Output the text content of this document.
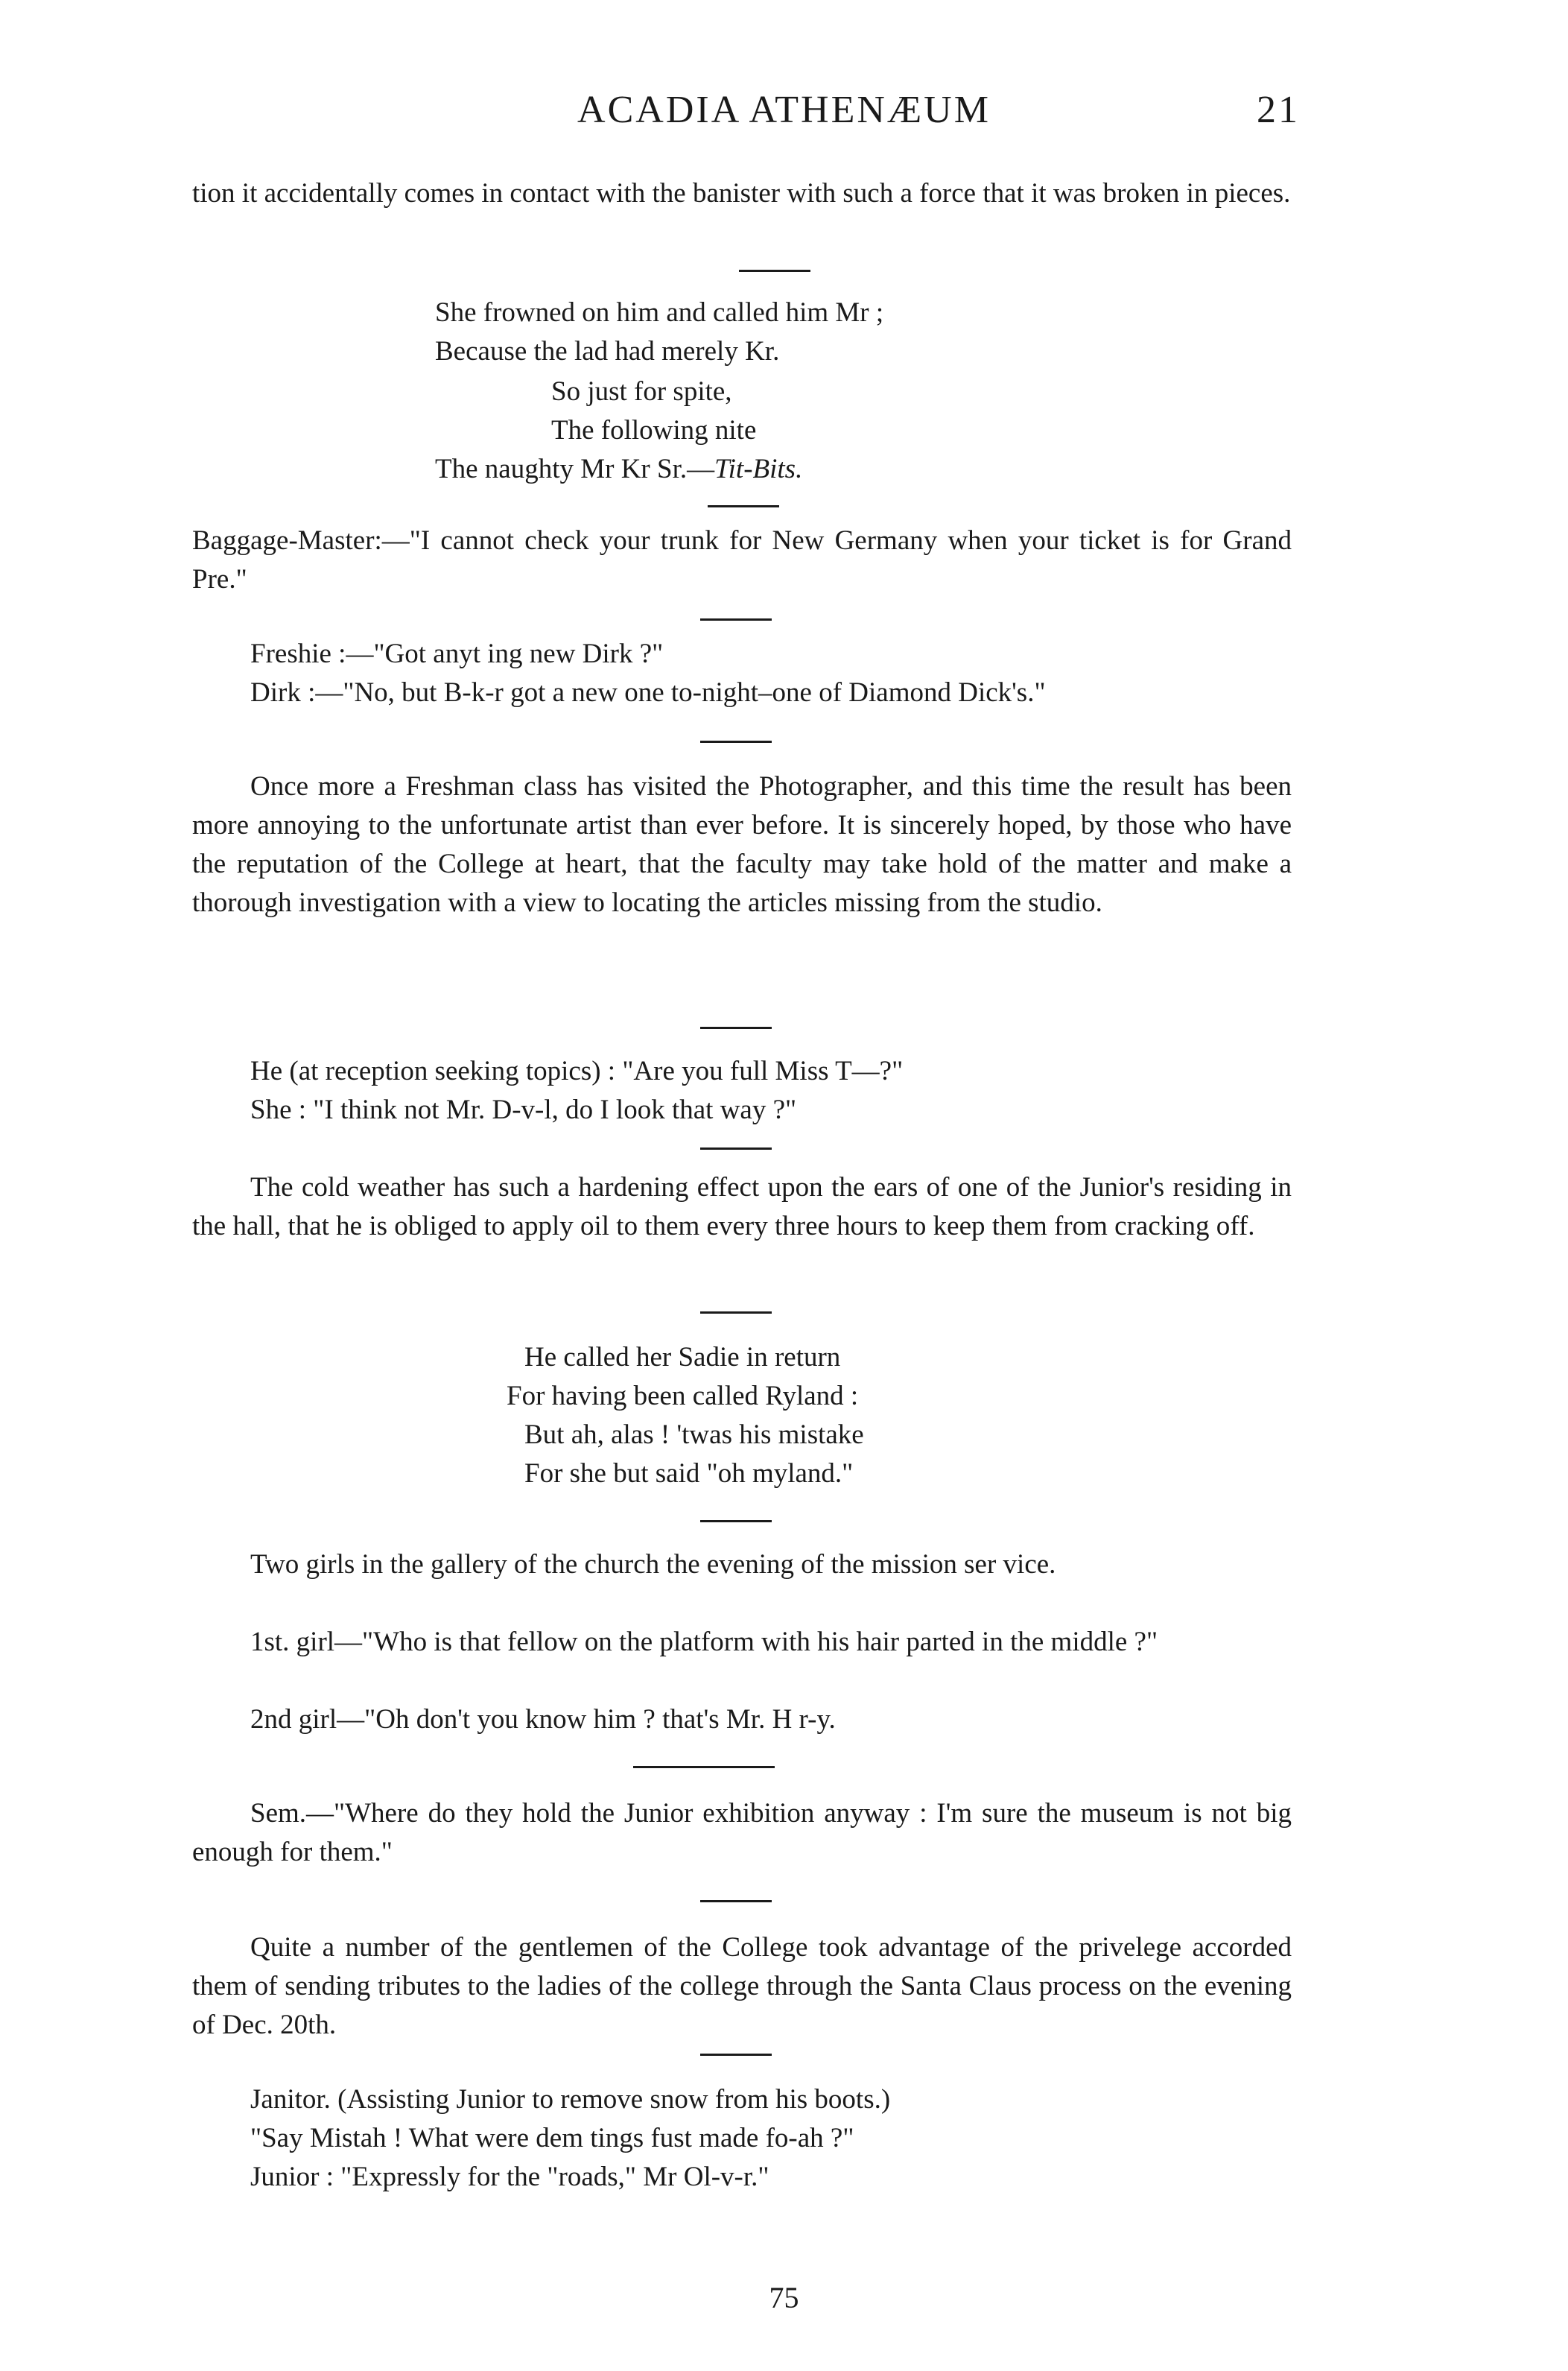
ACADIA ATHENÆUM	21

tion it accidentally comes in contact with the banister with such a force that it was broken in pieces.

She frowned on him and called him Mr ;

Because the lad had merely Kr.

So just for spite,

The following nite

The naughty Mr Kr Sr.—Tit-Bits.

Baggage-Master:—"I cannot check your trunk for New Germany when your ticket is for Grand Pre."

Freshie :—"Got anyt ing new Dirk ?"

Dirk :—"No, but B-k-r got a new one to-night–one of Diamond Dick's."

Once more a Freshman class has visited the Photographer, and this time the result has been more annoying to the unfortunate artist than ever before. It is sincerely hoped, by those who have the reputation of the College at heart, that the faculty may take hold of the matter and make a thorough investigation with a view to locating the articles missing from the studio.

He (at reception seeking topics) : "Are you full Miss T—?"

She : "I think not Mr. D-v-l, do I look that way ?"

The cold weather has such a hardening effect upon the ears of one of the Junior's residing in the hall, that he is obliged to apply oil to them every three hours to keep them from cracking off.

He called her Sadie in return

For having been called Ryland :

But ah, alas ! 'twas his mistake

For she but said "oh myland."

Two girls in the gallery of the church the evening of the mission ser vice.

1st. girl—"Who is that fellow on the platform with his hair parted in the middle ?"

2nd girl—"Oh don't you know him ? that's Mr. H r-y.

Sem.—"Where do they hold the Junior exhibition anyway : I'm sure the museum is not big enough for them."

Quite a number of the gentlemen of the College took advantage of the privelege accorded them of sending tributes to the ladies of the college through the Santa Claus process on the evening of Dec. 20th.

Janitor. (Assisting Junior to remove snow from his boots.)

"Say Mistah ! What were dem tings fust made fo-ah ?"

Junior : "Expressly for the "roads," Mr Ol-v-r."

75
